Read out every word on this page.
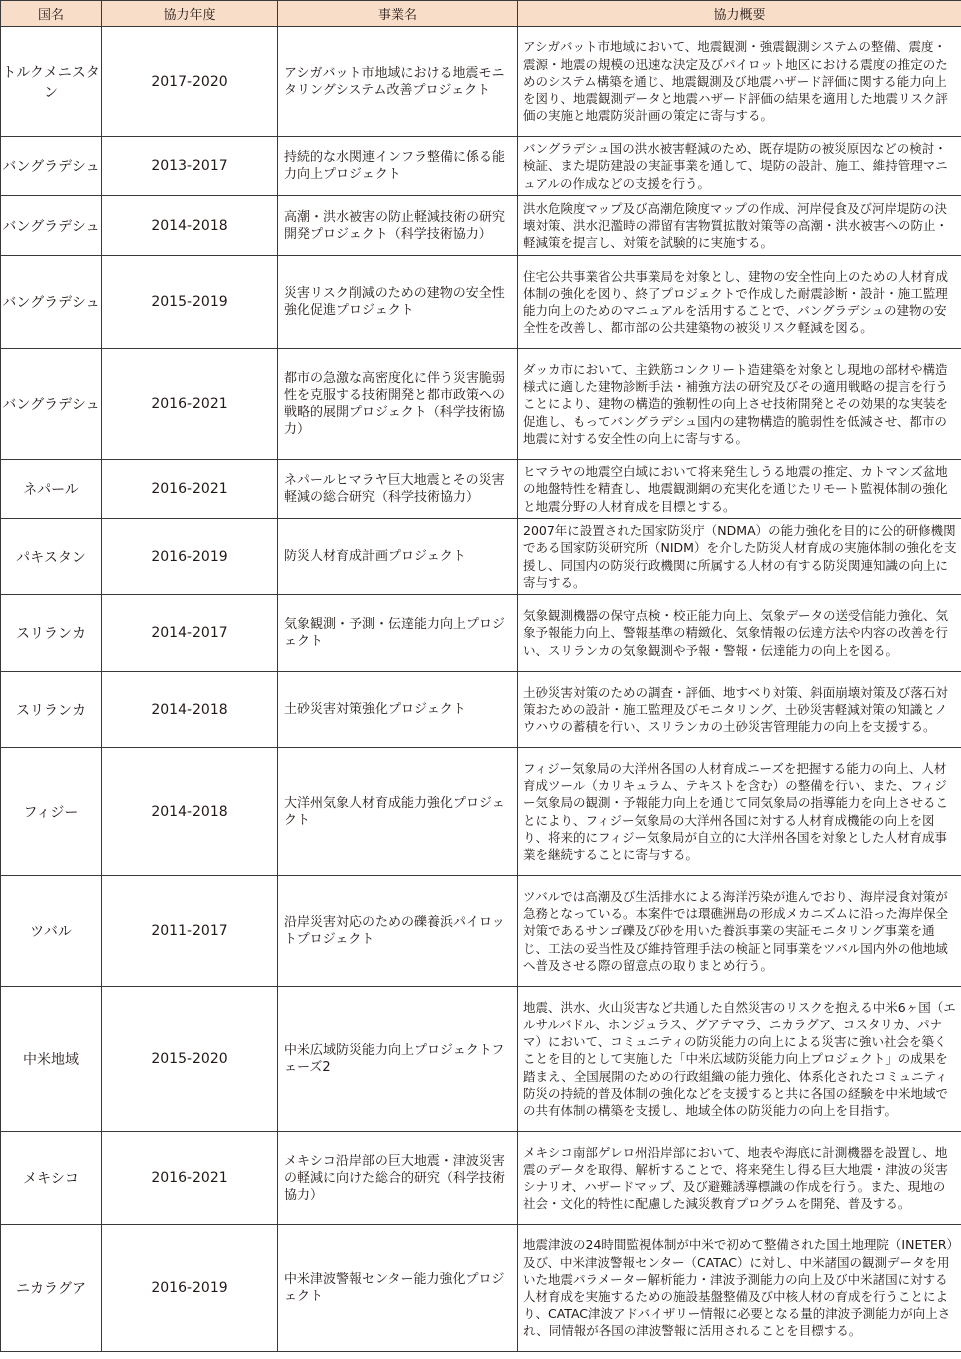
国名	協力年度	事業名	協力概要
トルクメニスタン	2017-2020	アシガバット市地域における地震モニタリングシステム改善プロジェクト	アシガバット市地域において、地震観測・強震観測システムの整備、震度・震源・地震の規模の迅速な決定及びパイロット地区における震度の推定のためのシステム構築を通じ、地震観測及び地震ハザード評価に関する能力向上を図り、地震観測データと地震ハザード評価の結果を適用した地震リスク評価の実施と地震防災計画の策定に寄与する。

バングラデシュ	2013-2017	持続的な水関連インフラ整備に係る能力向上プロジェクト	バングラデシュ国の洪水被害軽減のため、既存堤防の被災原因などの検討・検証、また堤防建設の実証事業を通して、堤防の設計、施工、維持管理マニュアルの作成などの支援を行う。

バングラデシュ	2014-2018	高潮・洪水被害の防止軽減技術の研究開発プロジェクト（科学技術協力）	洪水危険度マップ及び高潮危険度マップの作成、河岸侵食及び河岸堤防の決壊対策、洪水氾濫時の滞留有害物質拡散対策等の高潮・洪水被害への防止・軽減策を提言し、対策を試験的に実施する。

バングラデシュ	2015-2019	災害リスク削減のための建物の安全性強化促進プロジェクト	住宅公共事業省公共事業局を対象とし、建物の安全性向上のための人材育成体制の強化を図り、終了プロジェクトで作成した耐震診断・設計・施工監理能力向上のためのマニュアルを活用することで、バングラデシュの建物の安全性を改善し、都市部の公共建築物の被災リスク軽減を図る。

バングラデシュ	2016-2021	都市の急激な高密度化に伴う災害脆弱性を克服する技術開発と都市政策への戦略的展開プロジェクト（科学技術協力）	ダッカ市において、主鉄筋コンクリート造建築を対象とし現地の部材や構造様式に適した建物診断手法・補強方法の研究及びその適用戦略の提言を行うことにより、建物の構造的強靭性の向上させ技術開発とその効果的な実装を促進し、もってバングラデシュ国内の建物構造的脆弱性を低減させ、都市の地震に対する安全性の向上に寄与する。

ネパール	2016-2021	ネパールヒマラヤ巨大地震とその災害軽減の総合研究（科学技術協力）	ヒマラヤの地震空白域において将来発生しうる地震の推定、カトマンズ盆地の地盤特性を精査し、地震観測網の充実化を通じたリモート監視体制の強化と地震分野の人材育成を目標とする。

パキスタン	2016-2019	防災人材育成計画プロジェクト	2007年に設置された国家防災庁（NDMA）の能力強化を目的に公的研修機関である国家防災研究所（NIDM）を介した防災人材育成の実施体制の強化を支援し、同国内の防災行政機関に所属する人材の有する防災関連知識の向上に寄与する。

スリランカ	2014-2017	気象観測・予測・伝達能力向上プロジェクト	気象観測機器の保守点検・校正能力向上、気象データの送受信能力強化、気象予報能力向上、警報基準の精緻化、気象情報の伝達方法や内容の改善を行い、スリランカの気象観測や予報・警報・伝達能力の向上を図る。

スリランカ	2014-2018	土砂災害対策強化プロジェクト	土砂災害対策のための調査・評価、地すべり対策、斜面崩壊対策及び落石対策おための設計・施工監理及びモニタリング、土砂災害軽減対策の知識とノウハウの蓄積を行い、スリランカの土砂災害管理能力の向上を支援する。

フィジー	2014-2018	大洋州気象人材育成能力強化プロジェクト	フィジー気象局の大洋州各国の人材育成ニーズを把握する能力の向上、人材育成ツール（カリキュラム、テキストを含む）の整備を行い、また、フィジー気象局の観測・予報能力向上を通じて同気象局の指導能力を向上させることにより、フィジー気象局の大洋州各国に対する人材育成機能の向上を図り、将来的にフィジー気象局が自立的に大洋州各国を対象とした人材育成事業を継続することに寄与する。

ツバル	2011-2017	沿岸災害対応のための礫養浜パイロットプロジェクト	ツバルでは高潮及び生活排水による海洋汚染が進んでおり、海岸浸食対策が急務となっている。本案件では環礁洲島の形成メカニズムに沿った海岸保全対策であるサンゴ礫及び砂を用いた養浜事業の実証モニタリング事業を通じ、工法の妥当性及び維持管理手法の検証と同事業をツバル国内外の他地域へ普及させる際の留意点の取りまとめ行う。

中米地域	2015-2020	中米広域防災能力向上プロジェクトフェーズ2	地震、洪水、火山災害など共通した自然災害のリスクを抱える中米6ヶ国（エルサルバドル、ホンジュラス、グアテマラ、ニカラグア、コスタリカ、パナマ）において、コミュニティの防災能力の向上による災害に強い社会を築くことを目的として実施した「中米広域防災能力向上プロジェクト」の成果を踏まえ、全国展開のための行政組織の能力強化、体系化されたコミュニティ防災の持続的普及体制の強化などを支援すると共に各国の経験を中米地域での共有体制の構築を支援し、地域全体の防災能力の向上を目指す。

メキシコ	2016-2021	メキシコ沿岸部の巨大地震・津波災害の軽減に向けた総合的研究（科学技術協力）	メキシコ南部ゲレロ州沿岸部において、地表や海底に計測機器を設置し、地震のデータを取得、解析することで、将来発生し得る巨大地震・津波の災害シナリオ、ハザードマップ、及び避難誘導標識の作成を行う。また、現地の社会・文化的特性に配慮した減災教育プログラムを開発、普及する。

ニカラグア	2016-2019	中米津波警報センター能力強化プロジェクト	地震津波の24時間監視体制が中米で初めて整備された国土地理院（INETER）及び、中米津波警報センター（CATAC）に対し、中米諸国の観測データを用いた地震パラメーター解析能力・津波予測能力の向上及び中米諸国に対する人材育成を実施するための施設基盤整備及び中核人材の育成を行うことにより、CATAC津波アドバイザリー情報に必要となる量的津波予測能力が向上され、同情報が各国の津波警報に活用されることを目標する。
